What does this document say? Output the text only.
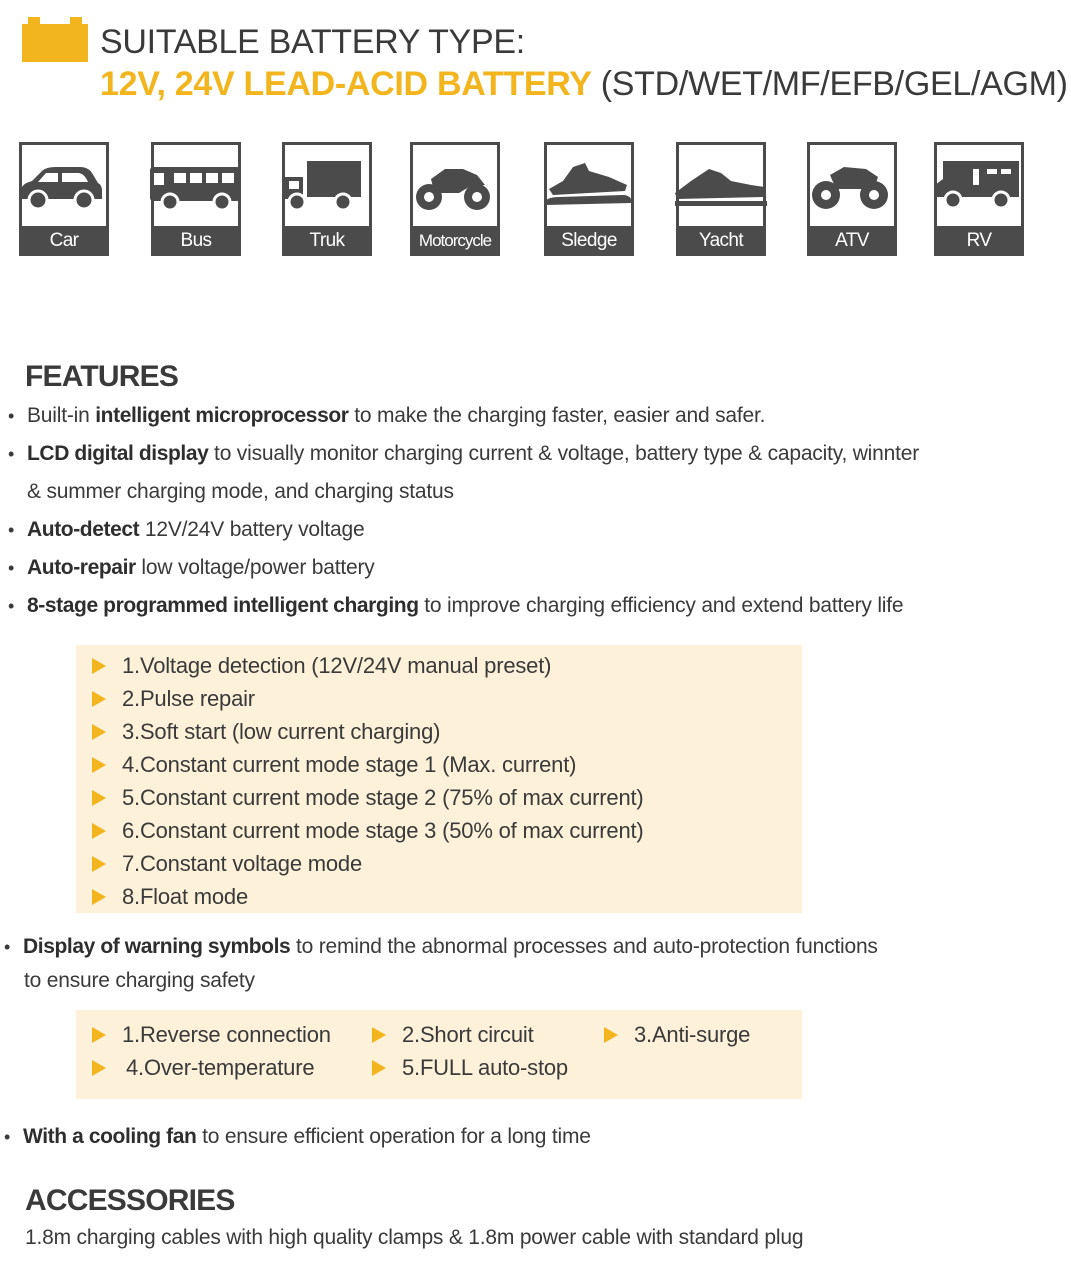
SUITABLE BATTERY TYPE:
12V, 24V LEAD-ACID BATTERY (STD/WET/MF/EFB/GEL/AGM)
Car	Bus	Truk	Motorcycle	Sledge	Yacht	ATV	RV
FEATURES
• Built-in intelligent microprocessor to make the charging faster, easier and safer.
• LCD digital display to visually monitor charging current & voltage, battery type & capacity, winnter
& summer charging mode, and charging status
• Auto-detect 12V/24V battery voltage
• Auto-repair low voltage/power battery
• 8-stage programmed intelligent charging to improve charging efficiency and extend battery life
1.Voltage detection (12V/24V manual preset)
2.Pulse repair
3.Soft start (low current charging)
4.Constant current mode stage 1 (Max. current)
5.Constant current mode stage 2 (75% of max current)
6.Constant current mode stage 3 (50% of max current)
7.Constant voltage mode
8.Float mode
• Display of warning symbols to remind the abnormal processes and auto-protection functions
to ensure charging safety
1.Reverse connection	2.Short circuit	3.Anti-surge
4.Over-temperature	5.FULL auto-stop
• With a cooling fan to ensure efficient operation for a long time
ACCESSORIES
1.8m charging cables with high quality clamps & 1.8m power cable with standard plug
